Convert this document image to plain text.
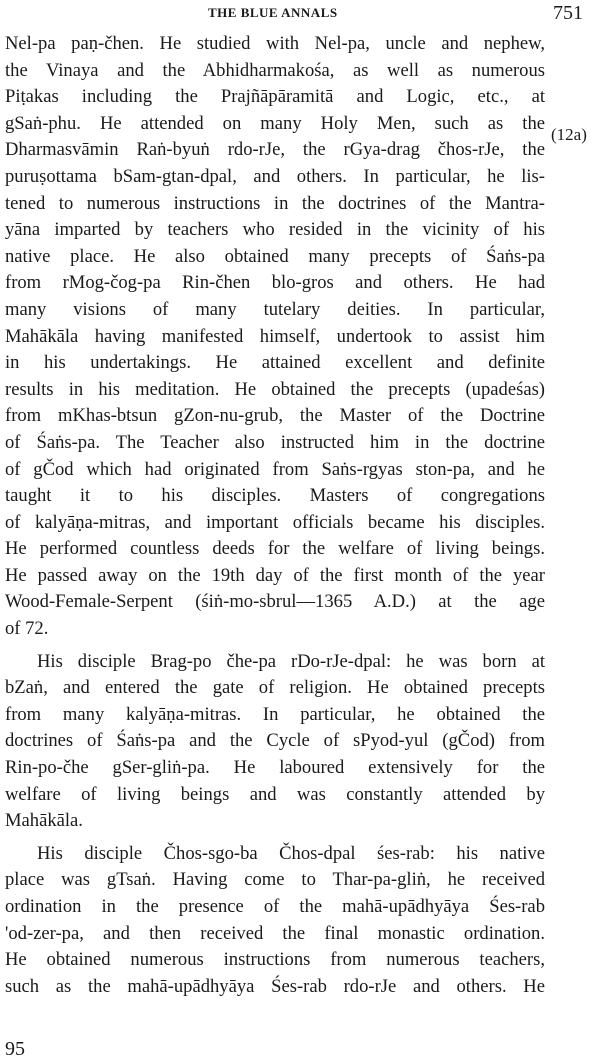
THE BLUE ANNALS	751
(12a)
Nel-pa paṇ-čhen. He studied with Nel-pa, uncle and nephew,
the Vinaya and the Abhidharmakośa, as well as numerous
Piṭakas including the Prajñāpāramitā and Logic, etc., at
gSaṅ-phu. He attended on many Holy Men, such as the
Dharmasvāmin Raṅ-byuṅ rdo-rJe, the rGya-drag čhos-rJe, the
puruṣottama bSam-gtan-dpal, and others. In particular, he lis-
tened to numerous instructions in the doctrines of the Mantra-
yāna imparted by teachers who resided in the vicinity of his
native place. He also obtained many precepts of Śaṅs-pa
from rMog-čog-pa Rin-čhen blo-gros and others. He had
many visions of many tutelary deities. In particular,
Mahākāla having manifested himself, undertook to assist him
in his undertakings. He attained excellent and definite
results in his meditation. He obtained the precepts (upadeśas)
from mKhas-btsun gZon-nu-grub, the Master of the Doctrine
of Śaṅs-pa. The Teacher also instructed him in the doctrine
of gČod which had originated from Saṅs-rgyas ston-pa, and he
taught it to his disciples. Masters of congregations
of kalyāṇa-mitras, and important officials became his disciples.
He performed countless deeds for the welfare of living beings.
He passed away on the 19th day of the first month of the year
Wood-Female-Serpent (śiṅ-mo-sbrul—1365 A.D.) at the age
of 72.
His disciple Brag-po čhe-pa rDo-rJe-dpal: he was born at
bZaṅ, and entered the gate of religion. He obtained precepts
from many kalyāṇa-mitras. In particular, he obtained the
doctrines of Śaṅs-pa and the Cycle of sPyod-yul (gČod) from
Rin-po-čhe gSer-gliṅ-pa. He laboured extensively for the
welfare of living beings and was constantly attended by
Mahākāla.
His disciple Čhos-sgo-ba Čhos-dpal śes-rab: his native
place was gTsaṅ. Having come to Thar-pa-gliṅ, he received
ordination in the presence of the mahā-upādhyāya Śes-rab
'od-zer-pa, and then received the final monastic ordination.
He obtained numerous instructions from numerous teachers,
such as the mahā-upādhyāya Śes-rab rdo-rJe and others. He
95
